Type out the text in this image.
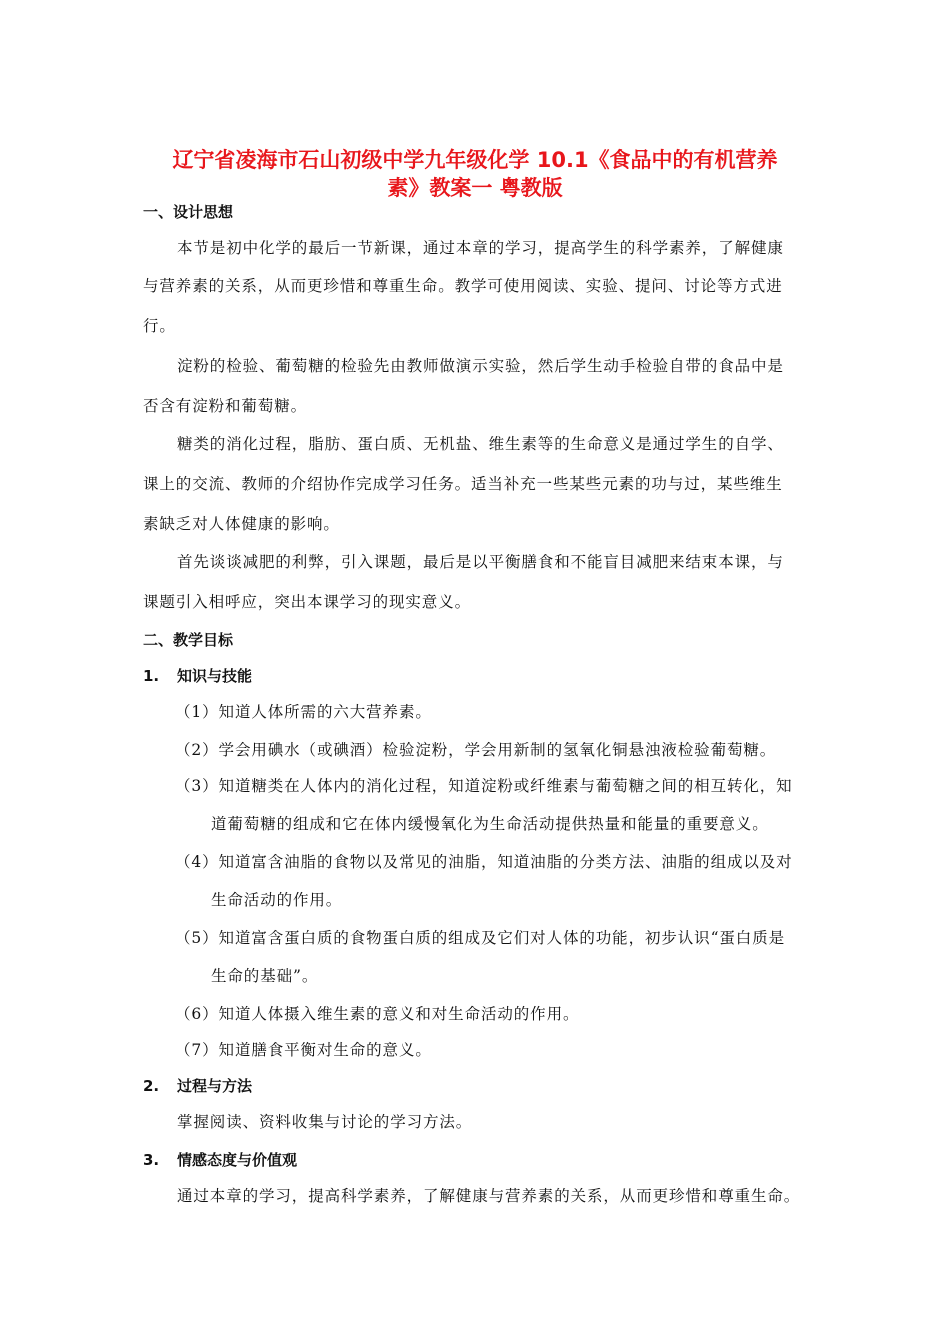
辽宁省凌海市石山初级中学九年级化学 10.1《食品中的有机营养
素》教案一 粤教版
一、设计思想
本节是初中化学的最后一节新课，通过本章的学习，提高学生的科学素养，了解健康
与营养素的关系，从而更珍惜和尊重生命。教学可使用阅读、实验、提问、讨论等方式进
行。
淀粉的检验、葡萄糖的检验先由教师做演示实验，然后学生动手检验自带的食品中是
否含有淀粉和葡萄糖。
糖类的消化过程，脂肪、蛋白质、无机盐、维生素等的生命意义是通过学生的自学、
课上的交流、教师的介绍协作完成学习任务。适当补充一些某些元素的功与过，某些维生
素缺乏对人体健康的影响。
首先谈谈减肥的利弊，引入课题，最后是以平衡膳食和不能盲目减肥来结束本课，与
课题引入相呼应，突出本课学习的现实意义。
二、教学目标
1. 知识与技能
（1）知道人体所需的六大营养素。
（2）学会用碘水（或碘酒）检验淀粉，学会用新制的氢氧化铜悬浊液检验葡萄糖。
（3）知道糖类在人体内的消化过程，知道淀粉或纤维素与葡萄糖之间的相互转化，知
道葡萄糖的组成和它在体内缓慢氧化为生命活动提供热量和能量的重要意义。
（4）知道富含油脂的食物以及常见的油脂，知道油脂的分类方法、油脂的组成以及对
生命活动的作用。
（5）知道富含蛋白质的食物蛋白质的组成及它们对人体的功能，初步认识“蛋白质是
生命的基础”。
（6）知道人体摄入维生素的意义和对生命活动的作用。
（7）知道膳食平衡对生命的意义。
2. 过程与方法
掌握阅读、资料收集与讨论的学习方法。
3. 情感态度与价值观
通过本章的学习，提高科学素养，了解健康与营养素的关系，从而更珍惜和尊重生命。
